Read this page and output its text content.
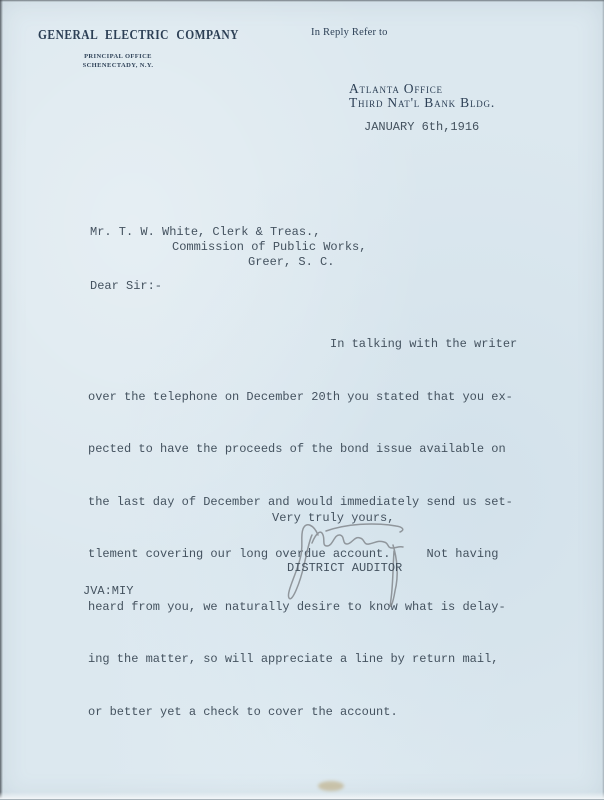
GENERAL ELECTRIC COMPANY
PRINCIPAL OFFICE
SCHENECTADY, N.Y.
In Reply Refer to
Atlanta Office
Third Nat'l Bank Bldg.
JANUARY 6th,1916
Mr. T. W. White, Clerk & Treas.,
Commission of Public Works,
Greer, S. C.
Dear Sir:-

In talking with the writer

over the telephone on December 20th you stated that you ex-

pected to have the proceeds of the bond issue available on

the last day of December and would immediately send us set-

tlement covering our long overdue account.     Not having

heard from you, we naturally desire to know what is delay-

ing the matter, so will appreciate a line by return mail,

or better yet a check to cover the account.

Very truly yours,
DISTRICT AUDITOR
JVA:MIY
